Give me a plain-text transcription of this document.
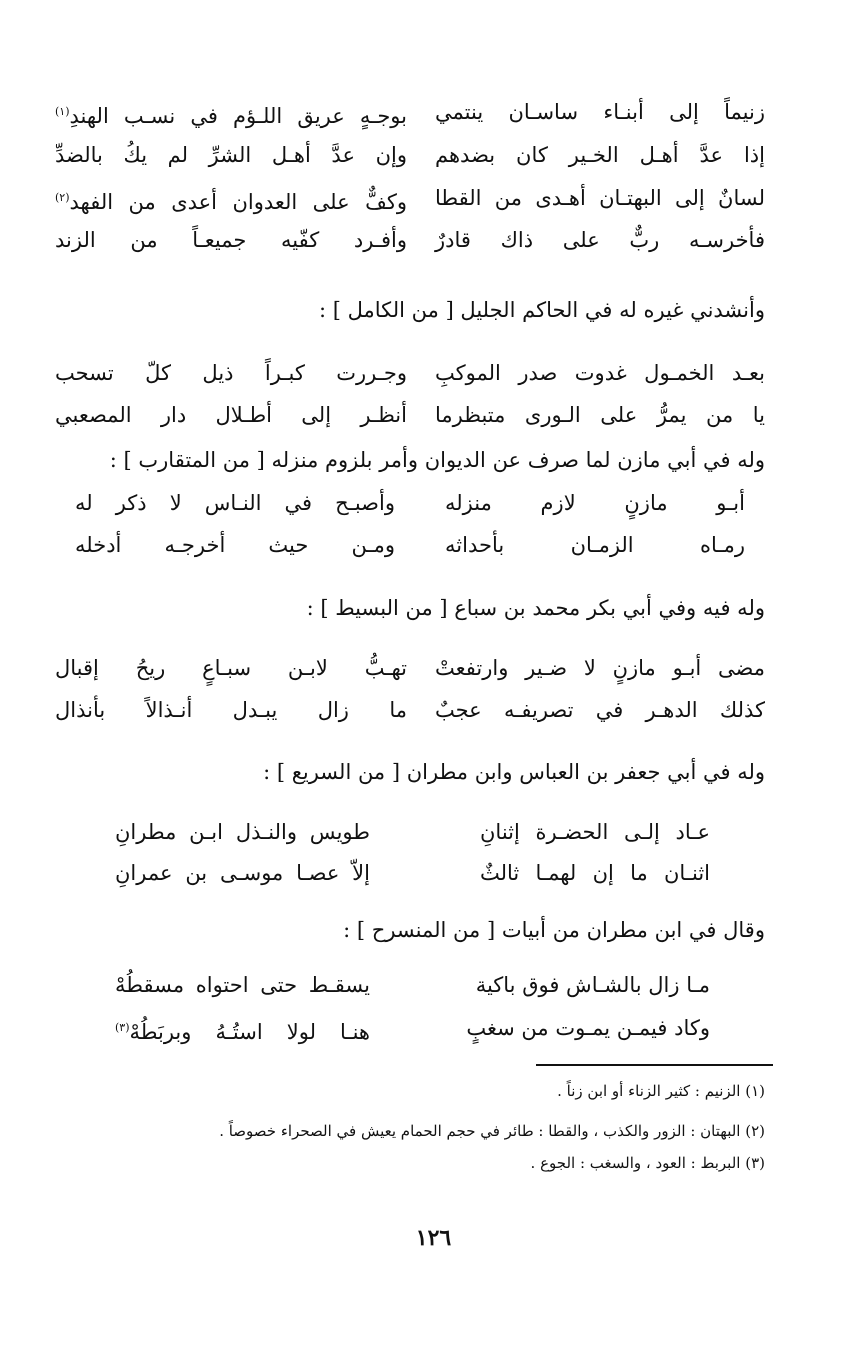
زنيماً إلى أبنـاء ساسـان ينتمي
بوجـهٍ عريق اللـؤم في نسـب الهندِ$^{(١)}$
إذا عدَّ أهـل الخـير كان بضدهم
وإن عدَّ أهـل الشرِّ لم يكُ بالضدِّ
لسانٌ إلى البهتـان أهـدى من القطا
وكفٌّ على العدوان أعدى من الفهد$^{(٢)}$
فأخرسـه ربٌّ على ذاك قادرٌ
وأفـرد كفّيه جميعـاً من الزند
وأنشدني غيره له في الحاكم الجليل [ من الكامل ] :
بعـد الخمـول غدوت صدر الموكبِ
وجـررت كبـراً ذيل كلّ تسحب
يا من يمرُّ على الـورى متبظرما
أنظـر إلى أطـلال دار المصعبي
وله في أبي مازن لما صرف عن الديوان وأمر بلزوم منزله [ من المتقارب ] :
أبـو مازنٍ لازم منزله
وأصبـح في النـاس لا ذكر له
رمـاه الزمـان بأحداثه
ومـن حيث أخرجـه أدخله
وله فيه وفي أبي بكر محمد بن سباع [ من البسيط ] :
مضى أبـو مازنٍ لا ضـير وارتفعتْ
تهـبُّ لابـن سبـاعٍ ريحُ إقبال
كذلك الدهـر في تصريفـه عجبٌ
ما زال يبـدل أنـذالاً بأنذال
وله في أبي جعفر بن العباس وابن مطران [ من السريع ] :
عـاد إلـى الحضـرة إثنانِ
طويس والنـذل ابـن مطرانِ
اثنـان ما إن لهمـا ثالثٌ
إلاّ عصـا موسـى بن عمرانِ
وقال في ابن مطران من أبيات [ من المنسرح ] :
مـا زال بالشـاش فوق باكية
يسقـط حتى احتواه مسقطُهْ
وكاد فيمـن يمـوت من سغبٍ
هنـا لولا استُـهُ وبربَطُهْ$^{(٣)}$
(١) الزنيم : كثير الزناء أو ابن زناً .
(٢) البهتان : الزور والكذب ، والقطا : طائر في حجم الحمام يعيش في الصحراء خصوصاً .
(٣) البربط : العود ، والسغب : الجوع .
١٢٦
